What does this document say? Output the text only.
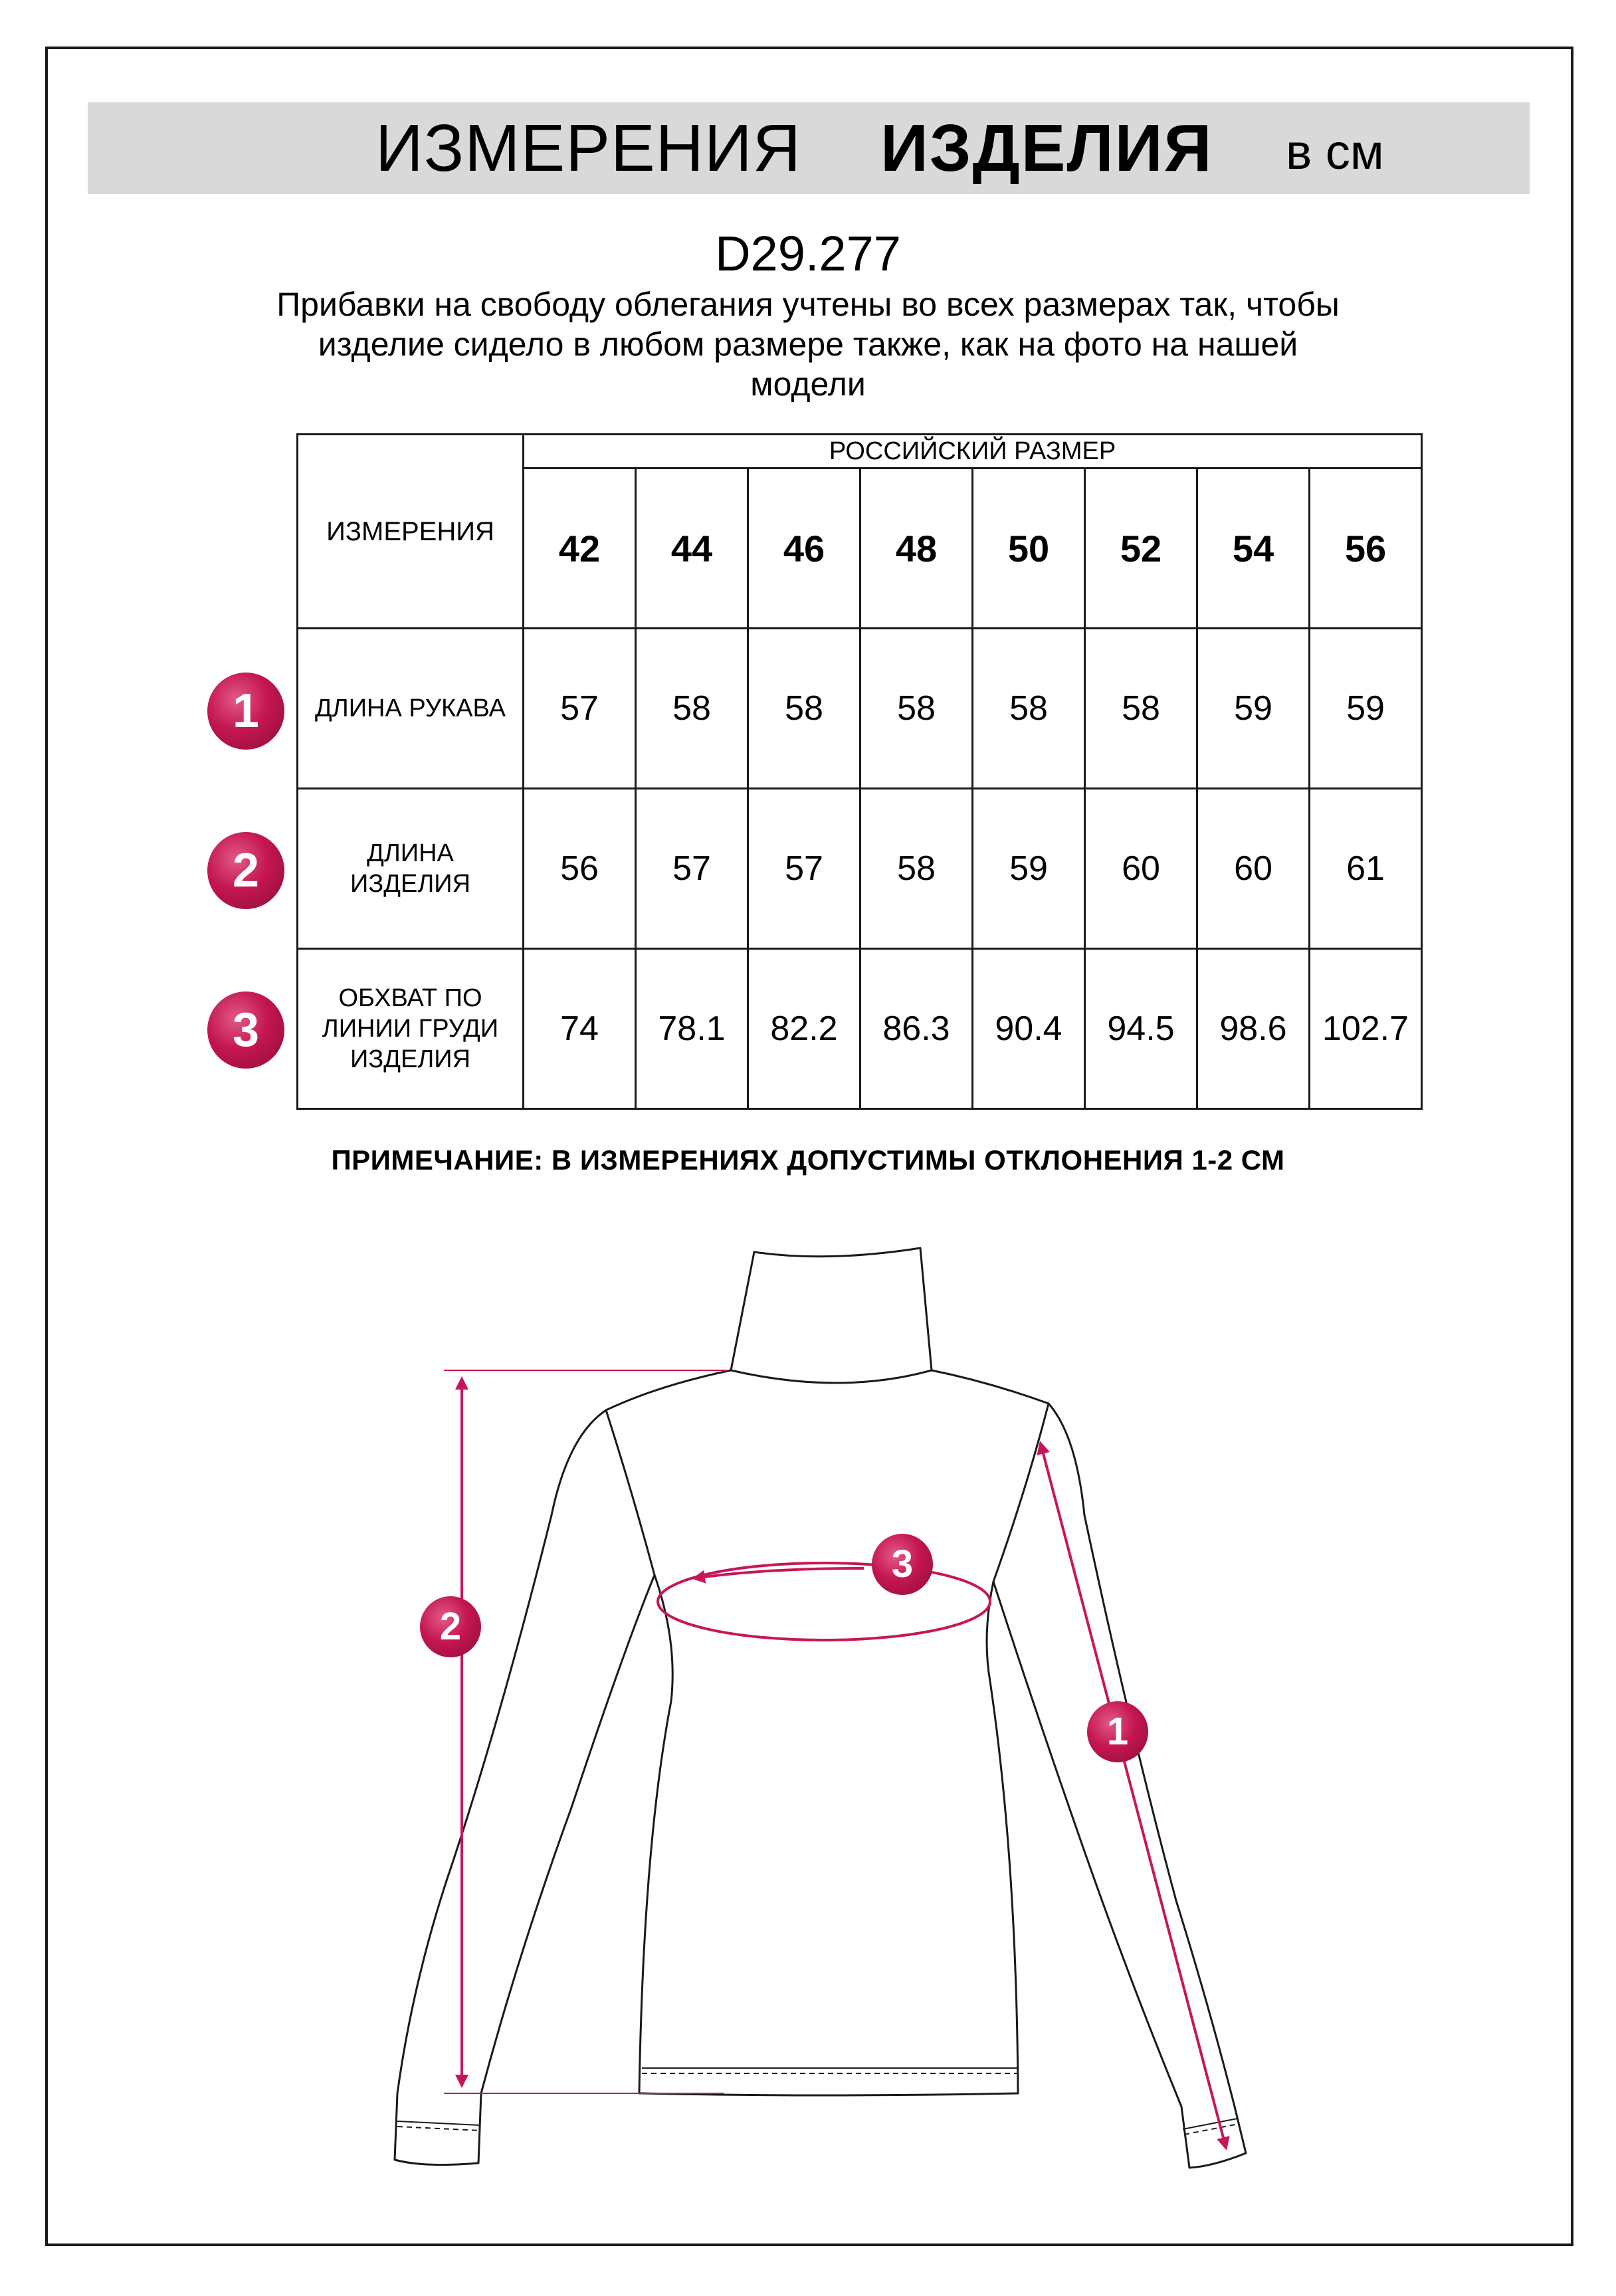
ИЗМЕРЕНИЯ ИЗДЕЛИЯ в см
D29.277
Прибавки на свободу облегания учтены во всех размерах так, чтобы
изделие сидело в любом размере также, как на фото на нашей
модели
ИЗМЕРЕНИЯ	РОССИЙСКИЙ РАЗМЕР							
	42	44	46	48	50	52	54	56

ДЛИНА РУКАВА	57	58	58	58	58	58	59	59

ДЛИНА
ИЗДЕЛИЯ	56	57	57	58	59	60	60	61

ОБХВАТ ПО
ЛИНИИ ГРУДИ
ИЗДЕЛИЯ	74	78.1	82.2	86.3	90.4	94.5	98.6	102.7
1
2
3
ПРИМЕЧАНИЕ: В ИЗМЕРЕНИЯХ ДОПУСТИМЫ ОТКЛОНЕНИЯ 1-2 СМ
2
3
1
